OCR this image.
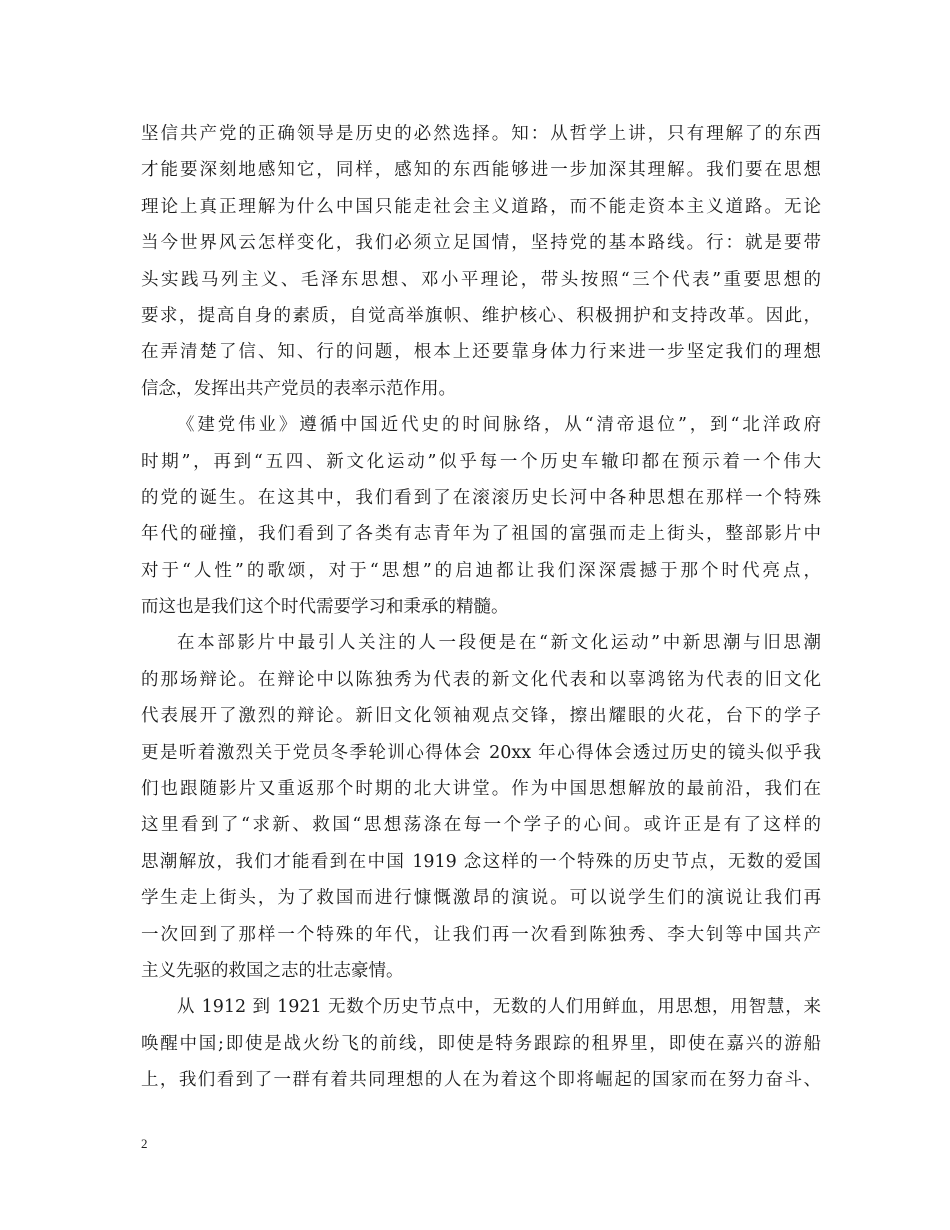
坚信共产党的正确领导是历史的必然选择。知：从哲学上讲，只有理解了的东西
才能要深刻地感知它，同样，感知的东西能够进一步加深其理解。我们要在思想
理论上真正理解为什么中国只能走社会主义道路，而不能走资本主义道路。无论
当今世界风云怎样变化，我们必须立足国情，坚持党的基本路线。行：就是要带
头实践马列主义、毛泽东思想、邓小平理论，带头按照“三个代表”重要思想的
要求，提高自身的素质，自觉高举旗帜、维护核心、积极拥护和支持改革。因此，
在弄清楚了信、知、行的问题，根本上还要靠身体力行来进一步坚定我们的理想
信念，发挥出共产党员的表率示范作用。
《建党伟业》遵循中国近代史的时间脉络，从“清帝退位”，到“北洋政府
时期”，再到“五四、新文化运动”似乎每一个历史车辙印都在预示着一个伟大
的党的诞生。在这其中，我们看到了在滚滚历史长河中各种思想在那样一个特殊
年代的碰撞，我们看到了各类有志青年为了祖国的富强而走上街头，整部影片中
对于“人性”的歌颂，对于“思想”的启迪都让我们深深震撼于那个时代亮点，
而这也是我们这个时代需要学习和秉承的精髓。
在本部影片中最引人关注的人一段便是在“新文化运动”中新思潮与旧思潮
的那场辩论。在辩论中以陈独秀为代表的新文化代表和以辜鸿铭为代表的旧文化
代表展开了激烈的辩论。新旧文化领袖观点交锋，擦出耀眼的火花，台下的学子
更是听着激烈关于党员冬季轮训心得体会 20xx 年心得体会透过历史的镜头似乎我
们也跟随影片又重返那个时期的北大讲堂。作为中国思想解放的最前沿，我们在
这里看到了“求新、救国“思想荡涤在每一个学子的心间。或许正是有了这样的
思潮解放，我们才能看到在中国 1919 念这样的一个特殊的历史节点，无数的爱国
学生走上街头，为了救国而进行慷慨激昂的演说。可以说学生们的演说让我们再
一次回到了那样一个特殊的年代，让我们再一次看到陈独秀、李大钊等中国共产
主义先驱的救国之志的壮志豪情。
从 1912 到 1921 无数个历史节点中，无数的人们用鲜血，用思想，用智慧，来
唤醒中国;即使是战火纷飞的前线，即使是特务跟踪的租界里，即使在嘉兴的游船
上，我们看到了一群有着共同理想的人在为着这个即将崛起的国家而在努力奋斗、
2
